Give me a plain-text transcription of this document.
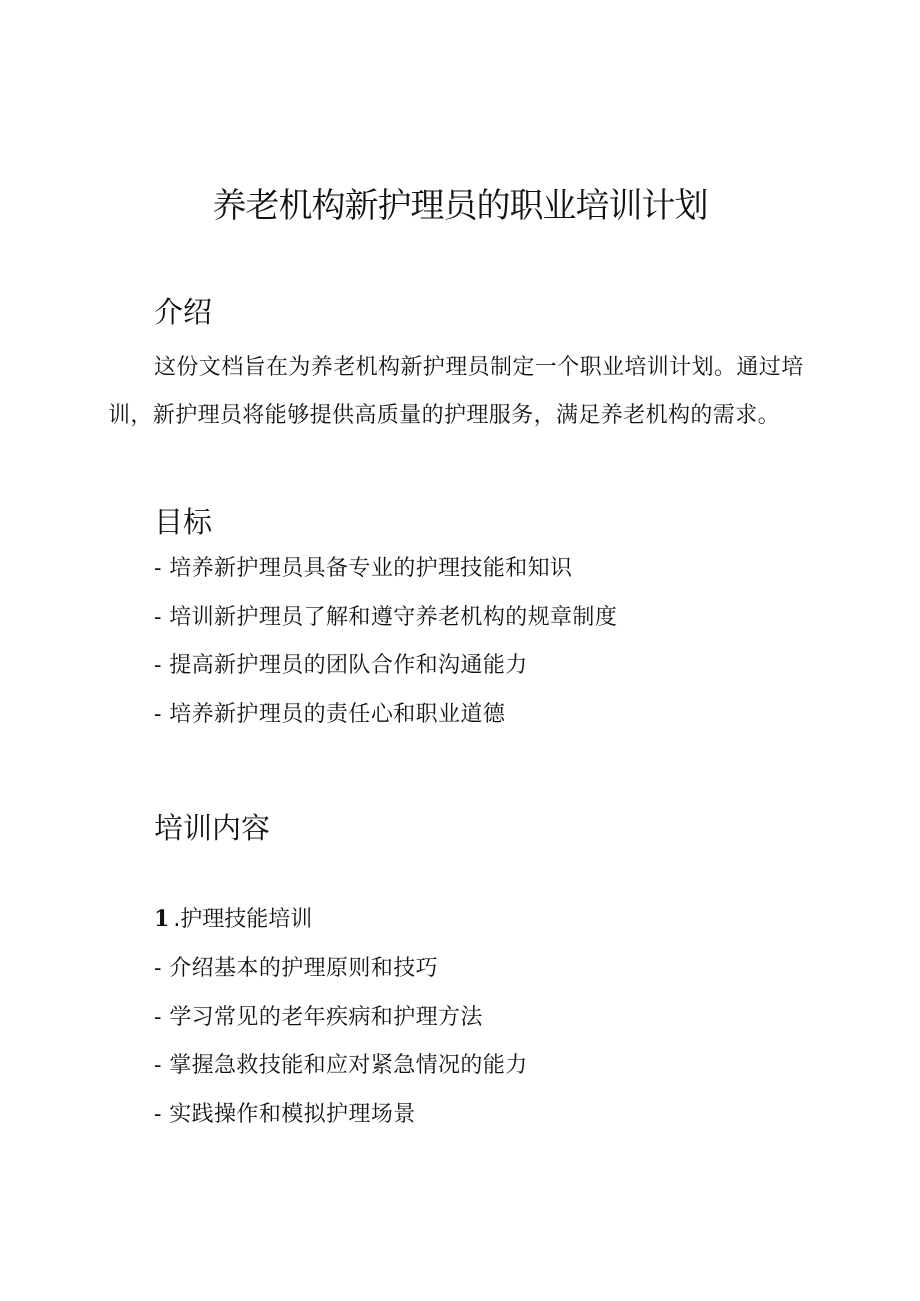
养老机构新护理员的职业培训计划
介绍

这份文档旨在为养老机构新护理员制定一个职业培训计划。通过培训，新护理员将能够提供高质量的护理服务，满足养老机构的需求。

目标
- 培养新护理员具备专业的护理技能和知识
- 培训新护理员了解和遵守养老机构的规章制度
- 提高新护理员的团队合作和沟通能力
- 培养新护理员的责任心和职业道德
培训内容
1 .护理技能培训
- 介绍基本的护理原则和技巧
- 学习常见的老年疾病和护理方法
- 掌握急救技能和应对紧急情况的能力
- 实践操作和模拟护理场景
